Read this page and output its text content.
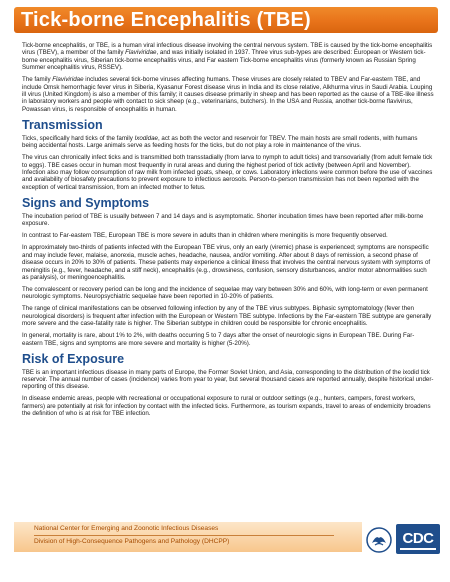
Tick-borne Encephalitis (TBE)

Tick-borne encephalitis, or TBE, is a human viral infectious disease involving the central nervous system. TBE is caused by the tick-borne encephalitis virus (TBEV), a member of the family Flaviviridae, and was initially isolated in 1937. Three virus sub-types are described: European or Western tick-borne encephalitis virus, Siberian tick-borne encephalitis virus, and Far eastern Tick-borne encephalitis virus (formerly known as Russian Spring Summer encephalitis virus, RSSEV).

The family Flaviviridae includes several tick-borne viruses affecting humans. These viruses are closely related to TBEV and Far-eastern TBE, and include Omsk hemorrhagic fever virus in Siberia, Kyasanur Forest disease virus in India and its close relative, Alkhurma virus in Saudi Arabia. Louping ill virus (United Kingdom) is also a member of this family; it causes disease primarily in sheep and has been reported as the cause of a TBE-like illness in laboratory workers and people with contact to sick sheep (e.g., veterinarians, butchers). In the USA and Russia, another tick-borne flavivirus, Powassan virus, is responsible of encephalitis in human.

Transmission

Ticks, specifically hard ticks of the family Ixodidae, act as both the vector and reservoir for TBEV. The main hosts are small rodents, with humans being accidental hosts. Large animals serve as feeding hosts for the ticks, but do not play a role in maintenance of the virus.

The virus can chronically infect ticks and is transmitted both transstadially (from larva to nymph to adult ticks) and transovarially (from adult female tick to eggs). TBE cases occur in human most frequently in rural areas and during the highest period of tick activity (between April and November). Infection also may follow consumption of raw milk from infected goats, sheep, or cows. Laboratory infections were common before the use of vaccines and availability of biosafety precautions to prevent exposure to infectious aerosols. Person-to-person transmission has not been reported with the exception of vertical transmission, from an infected mother to fetus.

Signs and Symptoms

The incubation period of TBE is usually between 7 and 14 days and is asymptomatic. Shorter incubation times have been reported after milk-borne exposure.

In contrast to Far-eastern TBE, European TBE is more severe in adults than in children where meningitis is more frequently observed.

In approximately two-thirds of patients infected with the European TBE virus, only an early (viremic) phase is experienced; symptoms are nonspecific and may include fever, malaise, anorexia, muscle aches, headache, nausea, and/or vomiting. After about 8 days of remission, a second phase of disease occurs in 20% to 30% of patients. These patients may experience a clinical illness that involves the central nervous system with symptoms of meningitis (e.g., fever, headache, and a stiff neck), encephalitis (e.g., drowsiness, confusion, sensory disturbances, and/or motor abnormalities such as paralysis), or meningoencephalitis.

The convalescent or recovery period can be long and the incidence of sequelae may vary between 30% and 60%, with long-term or even permanent neurologic symptoms. Neuropsychiatric sequelae have been reported in 10-20% of patients.

The range of clinical manifestations can be observed following infection by any of the TBE virus subtypes. Biphasic symptomatology (fever then neurological disorders) is frequent after infection with the European or Western TBE subtype. Infections by the Far-eastern TBE subtype are generally more severe and the case-fatality rate is higher. The Siberian subtype in children could be responsible for chronic encephalitis.

In general, mortality is rare, about 1% to 2%, with deaths occurring 5 to 7 days after the onset of neurologic signs in European TBE. During Far-eastern TBE, signs and symptoms are more severe and mortality is higher (5-20%).

Risk of Exposure

TBE is an important infectious disease in many parts of Europe, the Former Soviet Union, and Asia, corresponding to the distribution of the ixodid tick reservoir. The annual number of cases (incidence) varies from year to year, but several thousand cases are reported annually, despite historical under-reporting of this disease.

In disease endemic areas, people with recreational or occupational exposure to rural or outdoor settings (e.g., hunters, campers, forest workers, farmers) are potentially at risk for infection by contact with the infected ticks. Furthermore, as tourism expands, travel to areas of endemicity broadens the definition of who is at risk for TBE infection.

National Center for Emerging and Zoonotic Infectious Diseases
Division of High-Consequence Pathogens and Pathology (DHCPP)	CDC
